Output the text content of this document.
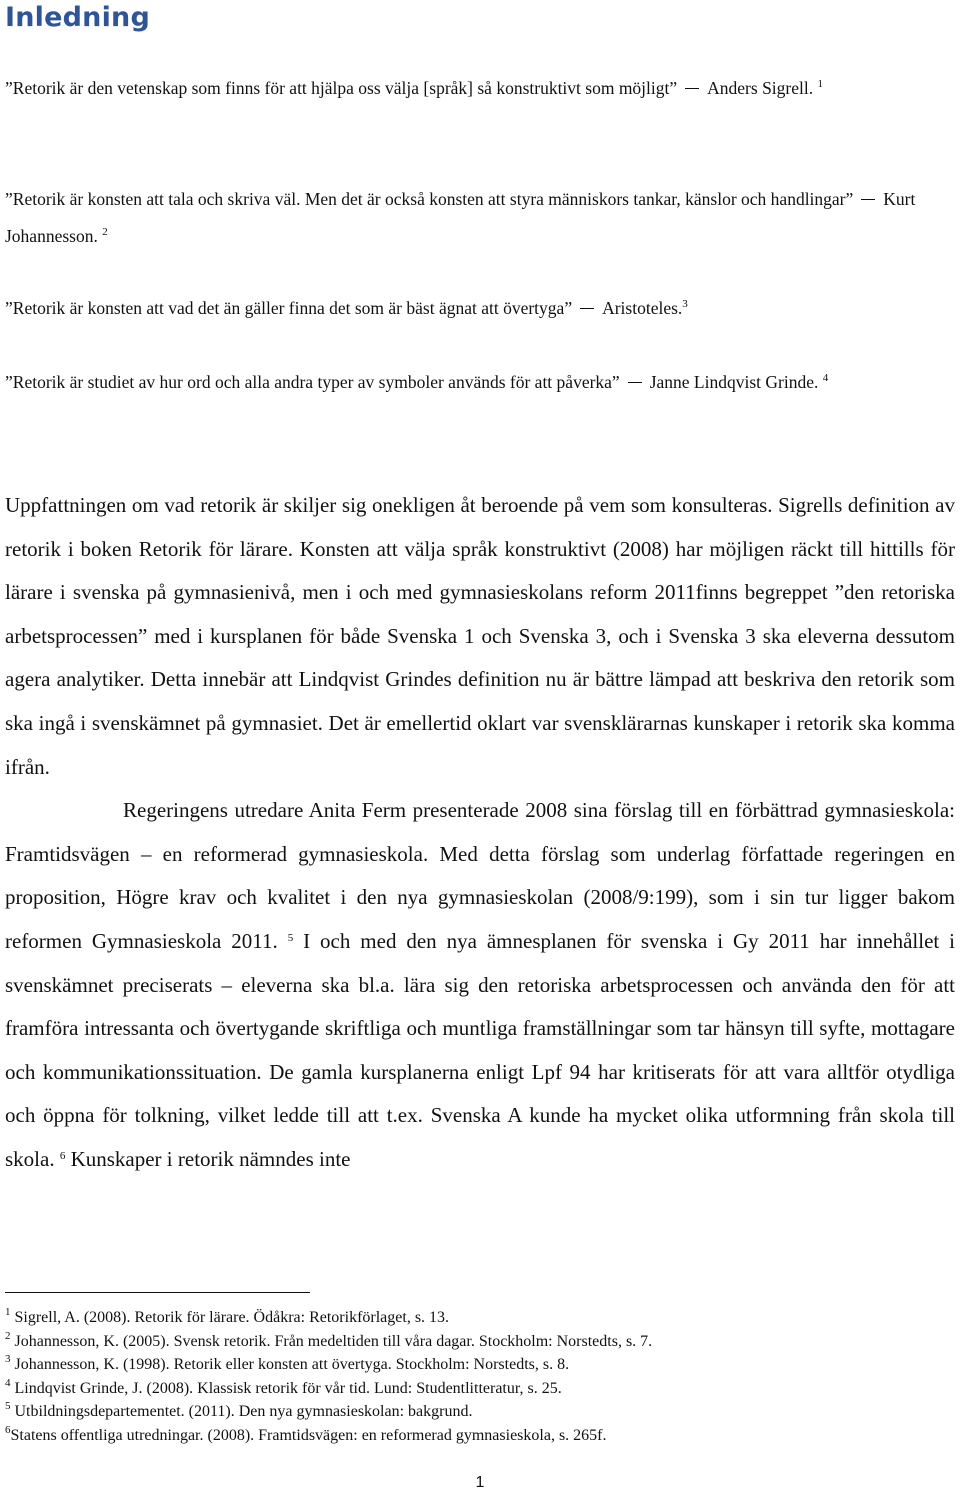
Inledning

”Retorik är den vetenskap som finns för att hjälpa oss välja [språk] så konstruktivt som möjligt” Anders Sigrell. $^1$

”Retorik är konsten att tala och skriva väl. Men det är också konsten att styra människors tankar, känslor och handlingar” Kurt Johannesson. $^2$

”Retorik är konsten att vad det än gäller finna det som är bäst ägnat att övertyga” Aristoteles.$^3$

”Retorik är studiet av hur ord och alla andra typer av symboler används för att påverka” Janne Lindqvist Grinde. $^4$

Uppfattningen om vad retorik är skiljer sig onekligen åt beroende på vem som konsulteras. Sigrells definition av retorik i boken Retorik för lärare. Konsten att välja språk konstruktivt (2008) har möjligen räckt till hittills för lärare i svenska på gymnasienivå, men i och med gymnasieskolans reform 2011finns begreppet ”den retoriska arbetsprocessen” med i kursplanen för både Svenska 1 och Svenska 3, och i Svenska 3 ska eleverna dessutom agera analytiker. Detta innebär att Lindqvist Grindes definition nu är bättre lämpad att beskriva den retorik som ska ingå i svenskämnet på gymnasiet. Det är emellertid oklart var svensklärarnas kunskaper i retorik ska komma ifrån.

Regeringens utredare Anita Ferm presenterade 2008 sina förslag till en förbättrad gymnasieskola: Framtidsvägen – en reformerad gymnasieskola. Med detta förslag som underlag författade regeringen en proposition, Högre krav och kvalitet i den nya gymnasieskolan (2008/9:199), som i sin tur ligger bakom reformen Gymnasieskola 2011. $^5$ I och med den nya ämnesplanen för svenska i Gy 2011 har innehållet i svenskämnet preciserats – eleverna ska bl.a. lära sig den retoriska arbetsprocessen och använda den för att framföra intressanta och övertygande skriftliga och muntliga framställningar som tar hänsyn till syfte, mottagare och kommunikationssituation. De gamla kursplanerna enligt Lpf 94 har kritiserats för att vara alltför otydliga och öppna för tolkning, vilket ledde till att t.ex. Svenska A kunde ha mycket olika utformning från skola till skola. $^6$ Kunskaper i retorik nämndes inte

$^1$ Sigrell, A. (2008). Retorik för lärare. Ödåkra: Retorikförlaget, s. 13.

$^2$ Johannesson, K. (2005). Svensk retorik. Från medeltiden till våra dagar. Stockholm: Norstedts, s. 7.

$^3$ Johannesson, K. (1998). Retorik eller konsten att övertyga. Stockholm: Norstedts, s. 8.

$^4$ Lindqvist Grinde, J. (2008). Klassisk retorik för vår tid. Lund: Studentlitteratur, s. 25.

$^5$ Utbildningsdepartementet. (2011). Den nya gymnasieskolan: bakgrund.

$^6$Statens offentliga utredningar. (2008). Framtidsvägen: en reformerad gymnasieskola, s. 265f.

1
